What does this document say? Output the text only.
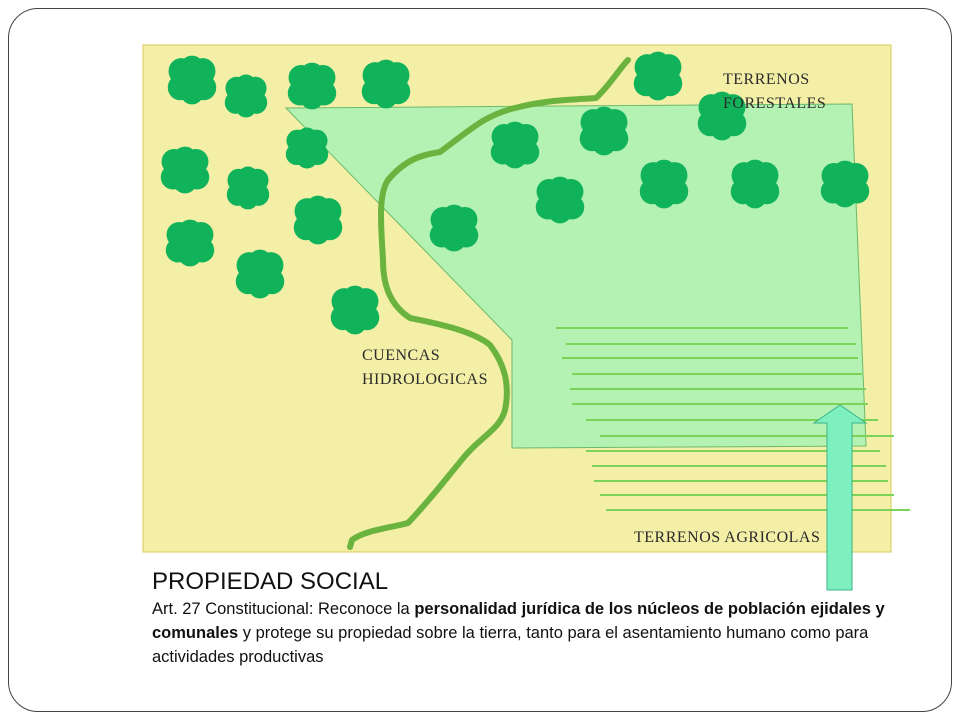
TERRENOS
FORESTALES
CUENCAS
HIDROLOGICAS
TERRENOS AGRICOLAS
PROPIEDAD SOCIAL
Art. 27 Constitucional: Reconoce la personalidad jurídica de los núcleos de población ejidales y comunales y protege su propiedad sobre la tierra, tanto para el asentamiento humano como para actividades productivas
